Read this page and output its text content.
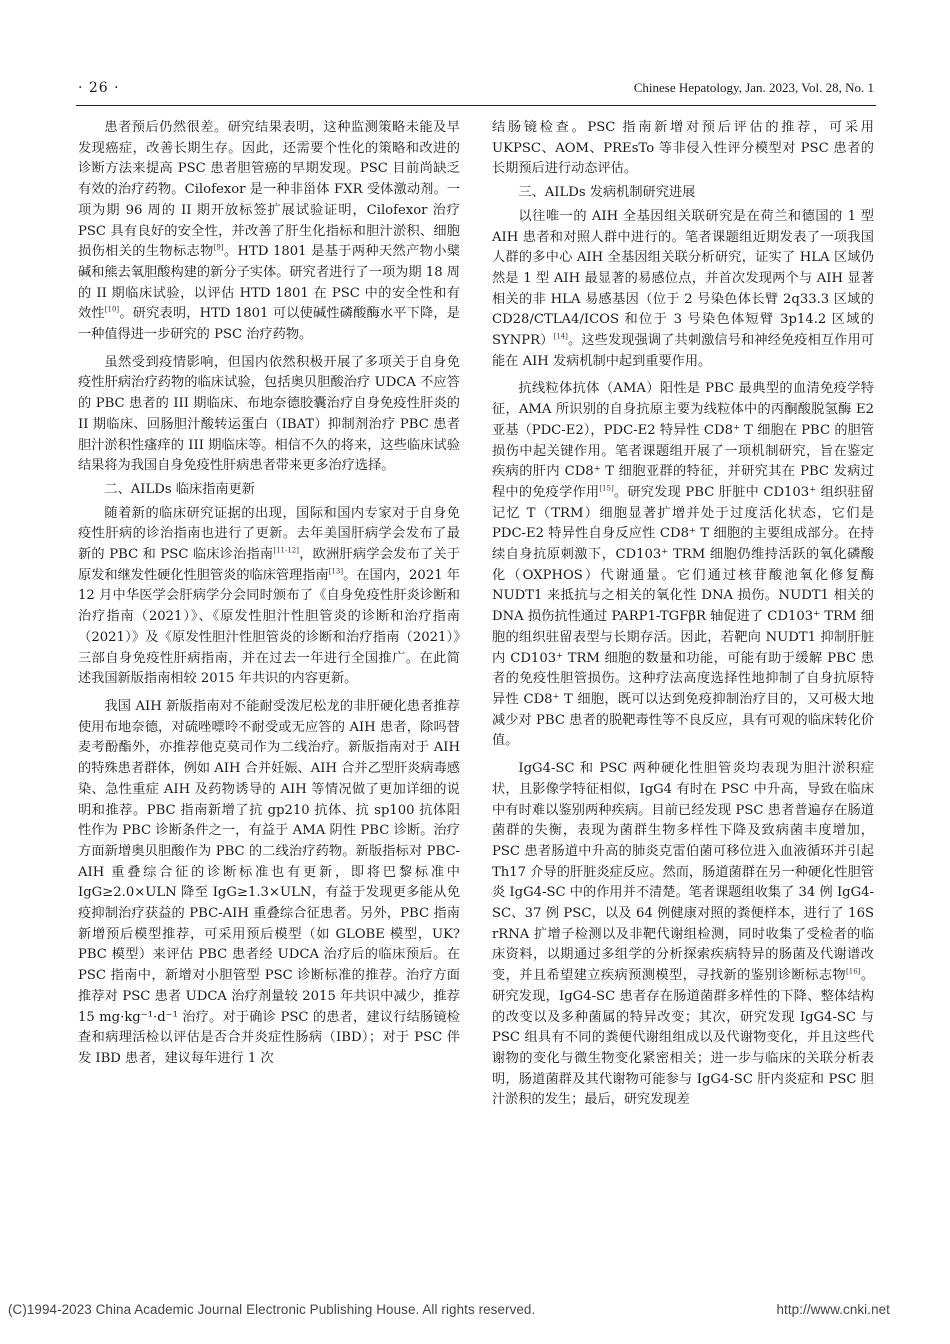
· 26 ·	Chinese Hepatology, Jan. 2023, Vol. 28, No. 1

患者预后仍然很差。研究结果表明，这种监测策略未能及早发现癌症，改善长期生存。因此，还需要个性化的策略和改进的诊断方法来提高 PSC 患者胆管癌的早期发现。PSC 目前尚缺乏有效的治疗药物。Cilofexor 是一种非甾体 FXR 受体激动剂。一项为期 96 周的 II 期开放标签扩展试验证明，Cilofexor 治疗 PSC 具有良好的安全性，并改善了肝生化指标和胆汁淤积、细胞损伤相关的生物标志物[9]。HTD 1801 是基于两种天然产物小檗碱和熊去氧胆酸构建的新分子实体。研究者进行了一项为期 18 周的 II 期临床试验，以评估 HTD 1801 在 PSC 中的安全性和有效性[10]。研究表明，HTD 1801 可以使碱性磷酸酶水平下降，是一种值得进一步研究的 PSC 治疗药物。

虽然受到疫情影响，但国内依然积极开展了多项关于自身免疫性肝病治疗药物的临床试验，包括奥贝胆酸治疗 UDCA 不应答的 PBC 患者的 III 期临床、布地奈德胶囊治疗自身免疫性肝炎的 II 期临床、回肠胆汁酸转运蛋白（IBAT）抑制剂治疗 PBC 患者胆汁淤积性瘙痒的 III 期临床等。相信不久的将来，这些临床试验结果将为我国自身免疫性肝病患者带来更多治疗选择。

二、AILDs 临床指南更新

随着新的临床研究证据的出现，国际和国内专家对于自身免疫性肝病的诊治指南也进行了更新。去年美国肝病学会发布了最新的 PBC 和 PSC 临床诊治指南[11-12]，欧洲肝病学会发布了关于原发和继发性硬化性胆管炎的临床管理指南[13]。在国内，2021 年 12 月中华医学会肝病学分会同时颁布了《自身免疫性肝炎诊断和治疗指南（2021）》、《原发性胆汁性胆管炎的诊断和治疗指南（2021）》及《原发性胆汁性胆管炎的诊断和治疗指南（2021）》三部自身免疫性肝病指南，并在过去一年进行全国推广。在此简述我国新版指南相较 2015 年共识的内容更新。

我国 AIH 新版指南对不能耐受泼尼松龙的非肝硬化患者推荐使用布地奈德，对硫唑嘌呤不耐受或无应答的 AIH 患者，除吗替麦考酚酯外，亦推荐他克莫司作为二线治疗。新版指南对于 AIH 的特殊患者群体，例如 AIH 合并妊娠、AIH 合并乙型肝炎病毒感染、急性重症 AIH 及药物诱导的 AIH 等情况做了更加详细的说明和推荐。PBC 指南新增了抗 gp210 抗体、抗 sp100 抗体阳性作为 PBC 诊断条件之一，有益于 AMA 阴性 PBC 诊断。治疗方面新增奥贝胆酸作为 PBC 的二线治疗药物。新版指标对 PBC-AIH 重叠综合征的诊断标准也有更新，即将巴黎标准中 IgG≥2.0×ULN 降至 IgG≥1.3×ULN，有益于发现更多能从免疫抑制治疗获益的 PBC-AIH 重叠综合征患者。另外，PBC 指南新增预后模型推荐，可采用预后模型（如 GLOBE 模型，UK? PBC 模型）来评估 PBC 患者经 UDCA 治疗后的临床预后。在 PSC 指南中，新增对小胆管型 PSC 诊断标准的推荐。治疗方面推荐对 PSC 患者 UDCA 治疗剂量较 2015 年共识中减少，推荐 15 mg·kg⁻¹·d⁻¹ 治疗。对于确诊 PSC 的患者，建议行结肠镜检查和病理活检以评估是否合并炎症性肠病（IBD）；对于 PSC 伴发 IBD 患者，建议每年进行 1 次

结肠镜检查。PSC 指南新增对预后评估的推荐，可采用 UKPSC、AOM、PREsTo 等非侵入性评分模型对 PSC 患者的长期预后进行动态评估。

三、AILDs 发病机制研究进展

以往唯一的 AIH 全基因组关联研究是在荷兰和德国的 1 型 AIH 患者和对照人群中进行的。笔者课题组近期发表了一项我国人群的多中心 AIH 全基因组关联分析研究，证实了 HLA 区域仍然是 1 型 AIH 最显著的易感位点，并首次发现两个与 AIH 显著相关的非 HLA 易感基因（位于 2 号染色体长臂 2q33.3 区域的 CD28/CTLA4/ICOS 和位于 3 号染色体短臂 3p14.2 区域的 SYNPR）[14]。这些发现强调了共刺激信号和神经免疫相互作用可能在 AIH 发病机制中起到重要作用。

抗线粒体抗体（AMA）阳性是 PBC 最典型的血清免疫学特征，AMA 所识别的自身抗原主要为线粒体中的丙酮酸脱氢酶 E2 亚基（PDC-E2），PDC-E2 特异性 CD8⁺ T 细胞在 PBC 的胆管损伤中起关键作用。笔者课题组开展了一项机制研究，旨在鉴定疾病的肝内 CD8⁺ T 细胞亚群的特征，并研究其在 PBC 发病过程中的免疫学作用[15]。研究发现 PBC 肝脏中 CD103⁺ 组织驻留记忆 T（TRM）细胞显著扩增并处于过度活化状态，它们是 PDC-E2 特异性自身反应性 CD8⁺ T 细胞的主要组成部分。在持续自身抗原刺激下，CD103⁺ TRM 细胞仍维持活跃的氧化磷酸化（OXPHOS）代谢通量。它们通过核苷酸池氧化修复酶 NUDT1 来抵抗与之相关的氧化性 DNA 损伤。NUDT1 相关的 DNA 损伤抗性通过 PARP1-TGFβR 轴促进了 CD103⁺ TRM 细胞的组织驻留表型与长期存活。因此，若靶向 NUDT1 抑制肝脏内 CD103⁺ TRM 细胞的数量和功能，可能有助于缓解 PBC 患者的免疫性胆管损伤。这种疗法高度选择性地抑制了自身抗原特异性 CD8⁺ T 细胞，既可以达到免疫抑制治疗目的，又可极大地减少对 PBC 患者的脱靶毒性等不良反应，具有可观的临床转化价值。

IgG4-SC 和 PSC 两种硬化性胆管炎均表现为胆汁淤积症状，且影像学特征相似，IgG4 有时在 PSC 中升高，导致在临床中有时难以鉴别两种疾病。目前已经发现 PSC 患者普遍存在肠道菌群的失衡，表现为菌群生物多样性下降及致病菌丰度增加，PSC 患者肠道中升高的肺炎克雷伯菌可移位进入血液循环并引起 Th17 介导的肝脏炎症反应。然而，肠道菌群在另一种硬化性胆管炎 IgG4-SC 中的作用并不清楚。笔者课题组收集了 34 例 IgG4-SC、37 例 PSC，以及 64 例健康对照的粪便样本，进行了 16S rRNA 扩增子检测以及非靶代谢组检测，同时收集了受检者的临床资料，以期通过多组学的分析探索疾病特异的肠菌及代谢谱改变，并且希望建立疾病预测模型，寻找新的鉴别诊断标志物[16]。研究发现，IgG4-SC 患者存在肠道菌群多样性的下降、整体结构的改变以及多种菌属的特异改变；其次，研究发现 IgG4-SC 与 PSC 组具有不同的粪便代谢组组成以及代谢物变化，并且这些代谢物的变化与微生物变化紧密相关；进一步与临床的关联分析表明，肠道菌群及其代谢物可能参与 IgG4-SC 肝内炎症和 PSC 胆汁淤积的发生；最后，研究发现差

(C)1994-2023 China Academic Journal Electronic Publishing House. All rights reserved.	http://www.cnki.net
